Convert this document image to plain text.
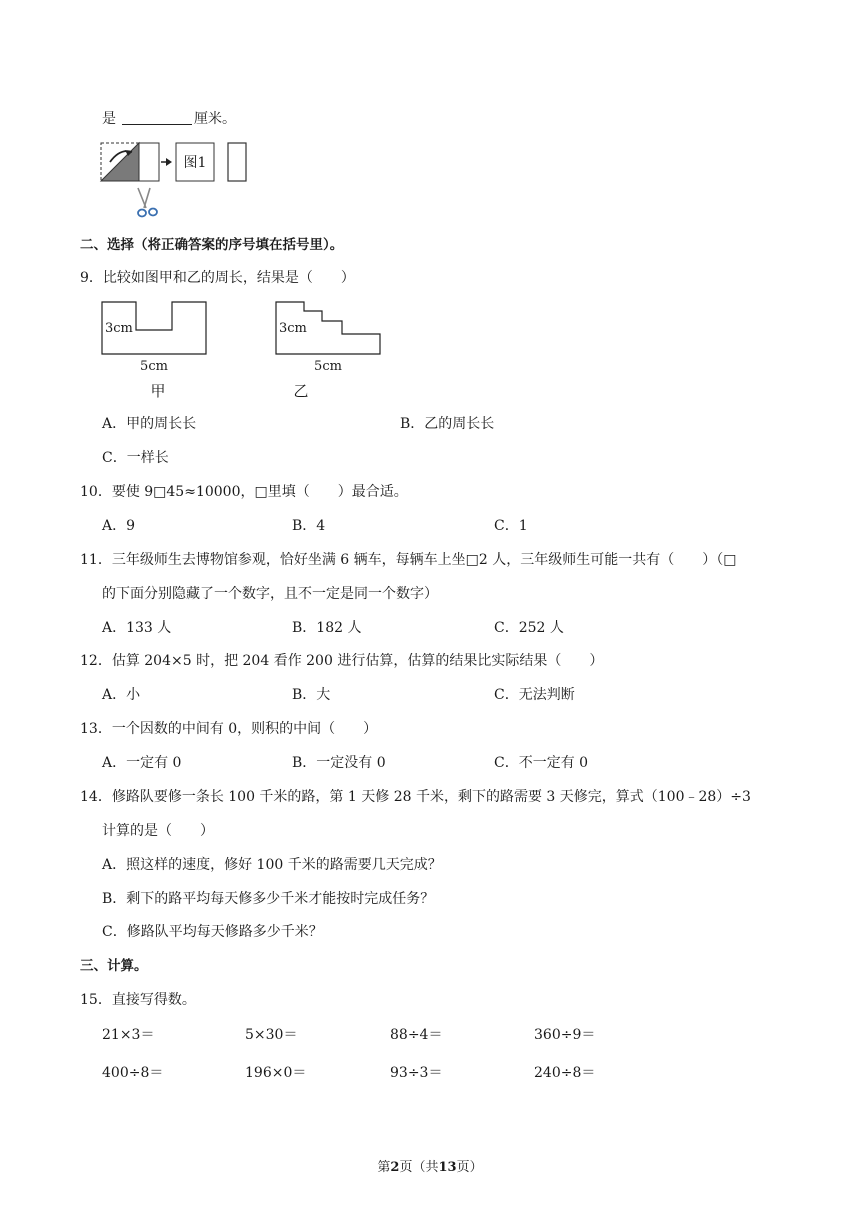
是	厘米。
图1
二、选择（将正确答案的序号填在括号里）。
9．比较如图甲和乙的周长，结果是（　　）
3cm
5cm
甲
3cm
5cm
乙
A．甲的周长长	B．乙的周长长
C．一样长
10．要使 9□45≈10000，□里填（　　）最合适。
A．9	B．4	C．1
11．三年级师生去博物馆参观，恰好坐满 6 辆车，每辆车上坐□2 人，三年级师生可能一共有（　　）（□
的下面分别隐藏了一个数字，且不一定是同一个数字）
A．133 人	B．182 人	C．252 人
12．估算 204×5 时，把 204 看作 200 进行估算，估算的结果比实际结果（　　）
A．小	B．大	C．无法判断
13．一个因数的中间有 0，则积的中间（　　）
A．一定有 0	B．一定没有 0	C．不一定有 0
14．修路队要修一条长 100 千米的路，第 1 天修 28 千米，剩下的路需要 3 天修完，算式（100﹣28）÷3
计算的是（　　）
A．照这样的速度，修好 100 千米的路需要几天完成？
B．剩下的路平均每天修多少千米才能按时完成任务？
C．修路队平均每天修路多少千米？
三、计算。
15．直接写得数。
21×3＝	5×30＝	88÷4＝	360÷9＝
400÷8＝	196×0＝	93÷3＝	240÷8＝
第2页（共13页）
